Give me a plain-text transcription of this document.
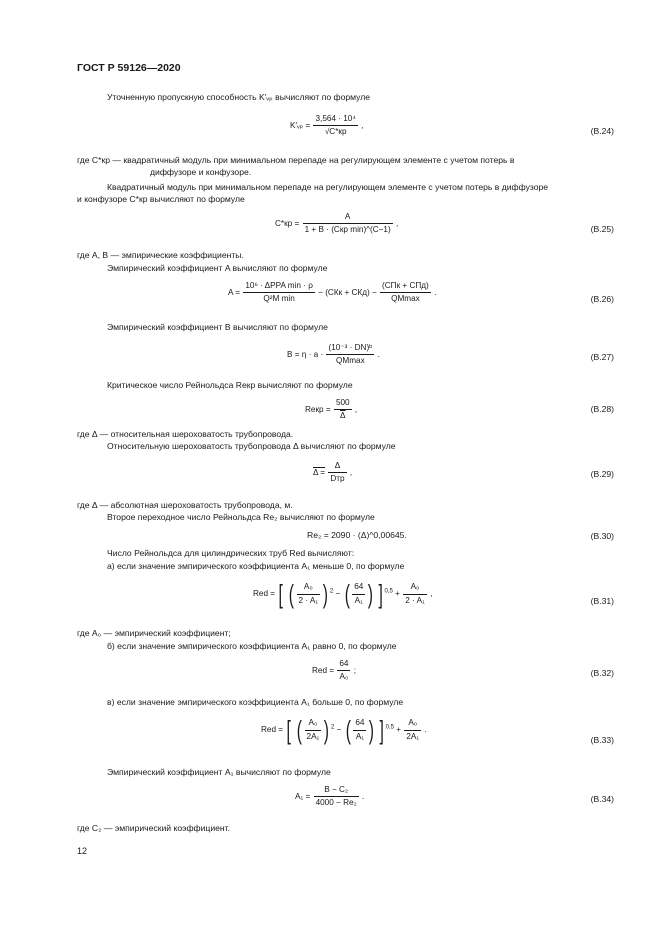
ГОСТ Р 59126—2020
Уточненную пропускную способность K′ᵥₚ вычисляют по формуле
K′ᵥₚ = $\frac{\text{3,564 · 10⁴}}{√C*кр}$ ,
(В.24)
где C*кр — квадратичный модуль при минимальном перепаде на регулирующем элементе с учетом потерь в
диффузоре и конфузоре.
Квадратичный модуль при минимальном перепаде на регулирующем элементе с учетом потерь в диффузоре
и конфузоре C*кр вычисляют по формуле
$C*кр = \frac{A}{\text{1 + B · (Cкр min)\textasciicircum{}(C−1)}}$ ,
(В.25)
где A, B — эмпирические коэффициенты.
Эмпирический коэффициент A вычисляют по формуле
$A = \frac{\text{10⁶ · ΔPPA min · ρ}}{\text{Q²M min}} - (CКк + CКд) - \frac{\text{(CПк + CПд)}}{QMmax}$ .
(В.26)
Эмпирический коэффициент B вычисляют по формуле
$B = \eta \cdot a \cdot \frac{\text{(10⁻³ · DN)ᵇ}}{QMmax}$ .	(В.27)
Критическое число Рейнольдса Reкр вычисляют по формуле
Reкр = $\frac{500}{\Delta}$ ,	(В.28)
где Δ — относительная шероховатость трубопровода.
Относительную шероховатость трубопровода Δ вычисляют по формуле
$\Delta = \frac{\Delta}{\text{Dтр}}$ ,	(В.29)
где Δ — абсолютная шероховатость трубопровода, м.
Второе переходное число Рейнольдса Re₂ вычисляют по формуле
Re₂ = 2090 · (Δ)^0,00645.	(В.30)
Число Рейнольдса для цилиндрических труб Red вычисляют:
а) если значение эмпирического коэффициента A₁ меньше 0, по формуле
Red = [ ( $\frac{\text{A₀}}{\text{2 · A₁}}$ ) $^2$ − ( $\frac{64}{\text{A₁}}$ ) ]$^{0,5} + \frac{\text{A₀}}{\text{2 · A₁}}$ ,
(В.31)
где A₀ — эмпирический коэффициент;
б) если значение эмпирического коэффициента A₁ равно 0, по формуле
Red = $\frac{64}{\text{A₀}}$ ;	(В.32)
в) если значение эмпирического коэффициента A₁ больше 0, по формуле
Red = [ ( $\frac{\text{A₀}}{\text{2A₁}}$ ) $^2$ − ( $\frac{64}{\text{A₁}}$ ) ]$^{0,5} + \frac{\text{A₀}}{\text{2A₁}}$ .
(В.33)
Эмпирический коэффициент A₁ вычисляют по формуле
$A_1 = \frac{\text{B − C₂}}{\text{4000 − Re₂}}$ .	(В.34)
где C₂ — эмпирический коэффициент.
12
